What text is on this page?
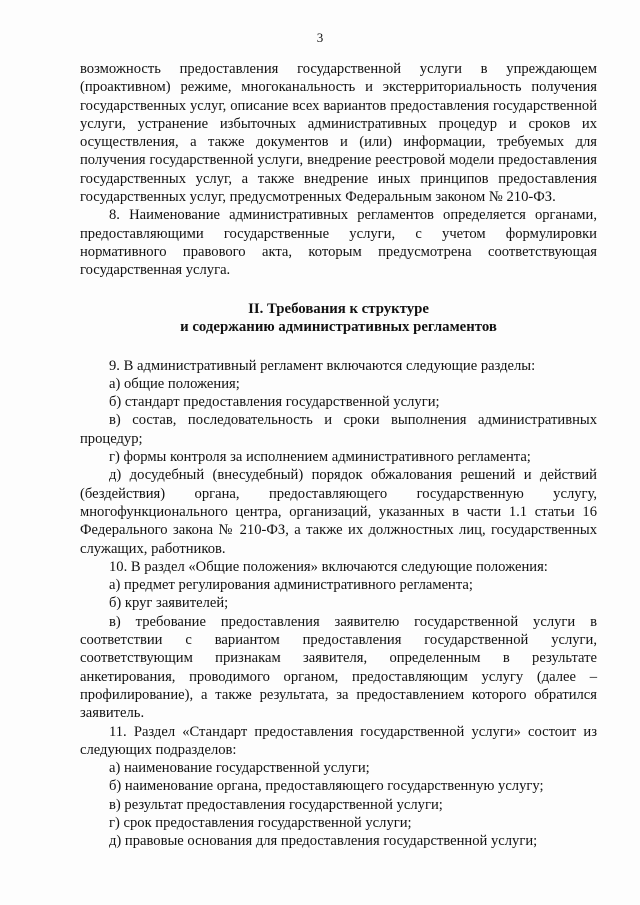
3

возможность предоставления государственной услуги в упреждающем (проактивном) режиме, многоканальность и экстерриториальность получения государственных услуг, описание всех вариантов предоставления государственной услуги, устранение избыточных административных процедур и сроков их осуществления, а также документов и (или) информации, требуемых для получения государственной услуги, внедрение реестровой модели предоставления государственных услуг, а также внедрение иных принципов предоставления государственных услуг, предусмотренных Федеральным законом № 210-ФЗ.

8. Наименование административных регламентов определяется органами, предоставляющими государственные услуги, с учетом формулировки нормативного правового акта, которым предусмотрена соответствующая государственная услуга.

II. Требования к структуре
и содержанию административных регламентов

9. В административный регламент включаются следующие разделы:

а) общие положения;

б) стандарт предоставления государственной услуги;

в) состав, последовательность и сроки выполнения административных процедур;

г) формы контроля за исполнением административного регламента;

д) досудебный (внесудебный) порядок обжалования решений и действий (бездействия) органа, предоставляющего государственную услугу, многофункционального центра, организаций, указанных в части 1.1 статьи 16 Федерального закона № 210-ФЗ, а также их должностных лиц, государственных служащих, работников.

10. В раздел «Общие положения» включаются следующие положения:

а) предмет регулирования административного регламента;

б) круг заявителей;

в) требование предоставления заявителю государственной услуги в соответствии с вариантом предоставления государственной услуги, соответствующим признакам заявителя, определенным в результате анкетирования, проводимого органом, предоставляющим услугу (далее – профилирование), а также результата, за предоставлением которого обратился заявитель.

11. Раздел «Стандарт предоставления государственной услуги» состоит из следующих подразделов:

а) наименование государственной услуги;

б) наименование органа, предоставляющего государственную услугу;

в) результат предоставления государственной услуги;

г) срок предоставления государственной услуги;

д) правовые основания для предоставления государственной услуги;
